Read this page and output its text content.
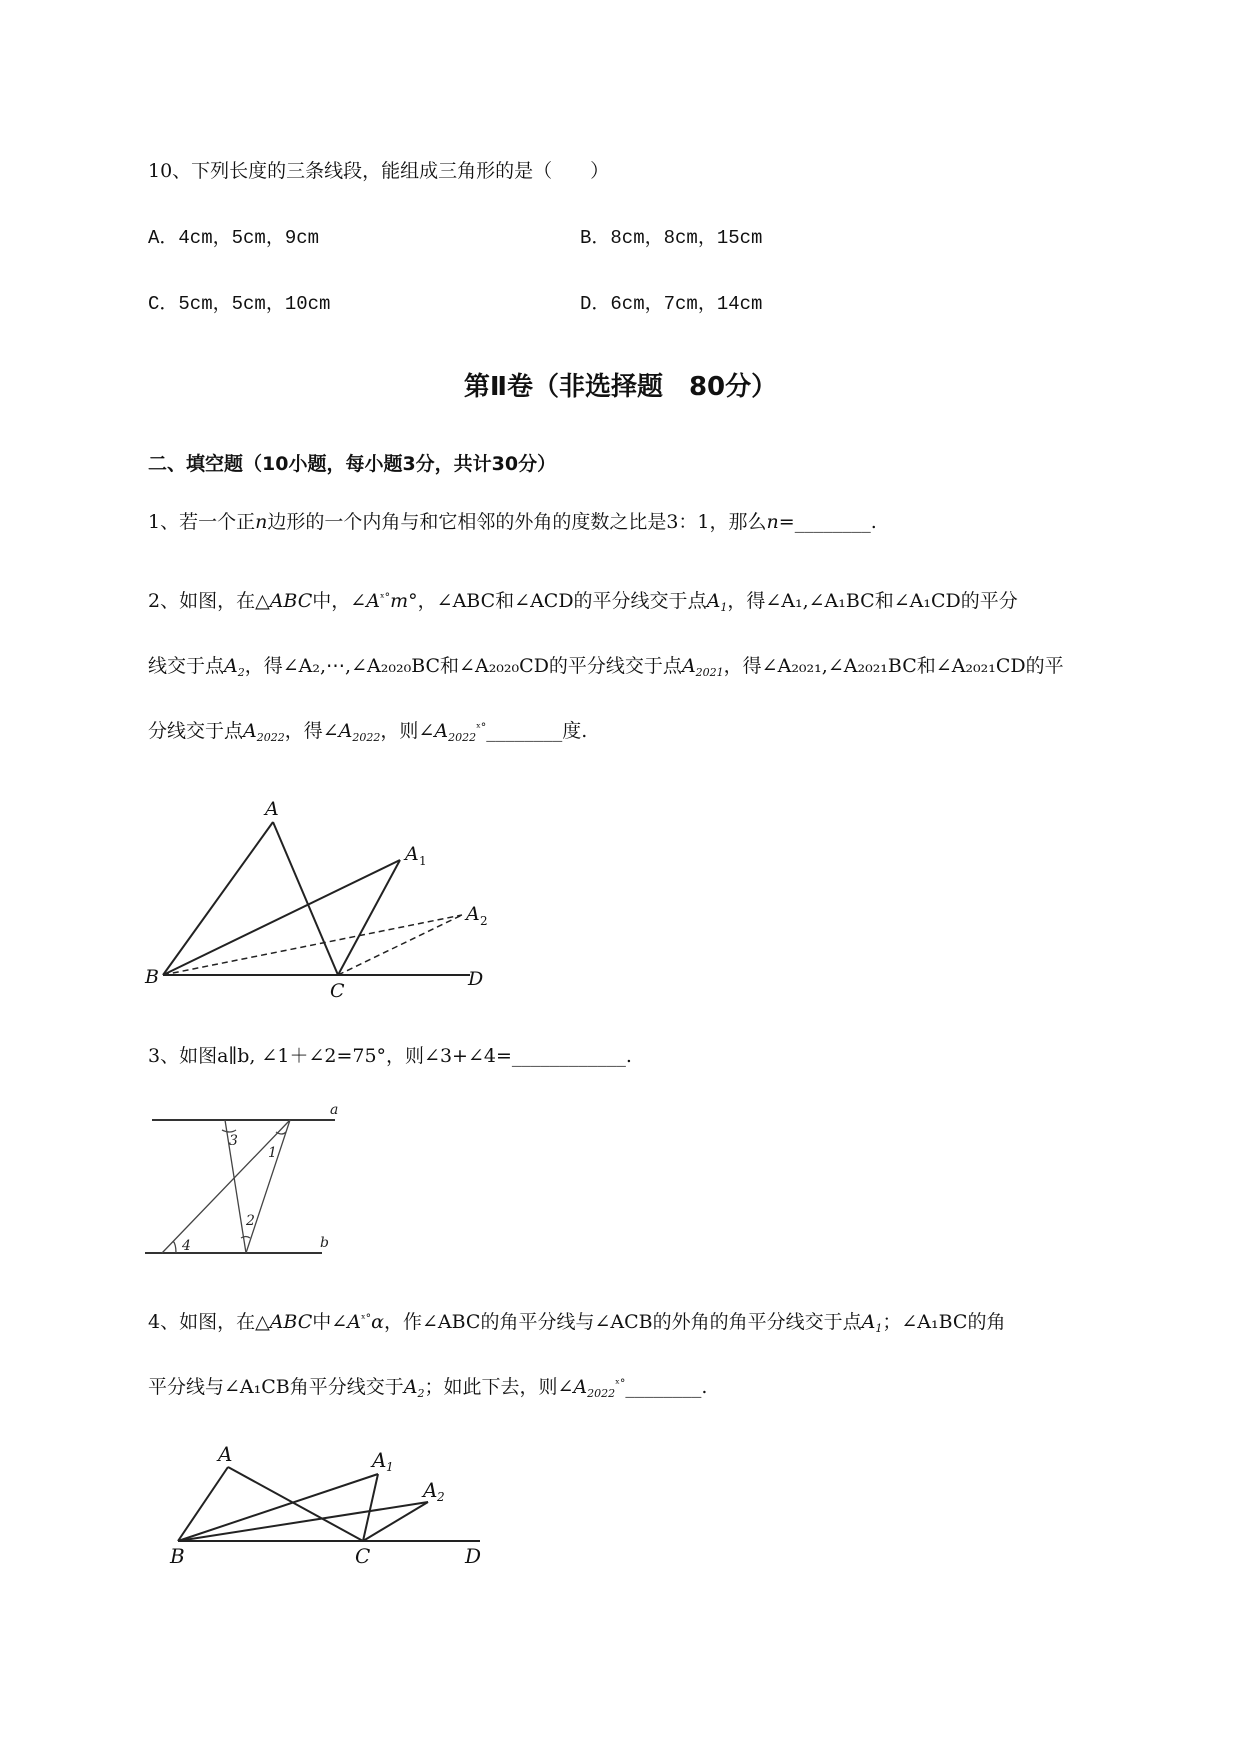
10、下列长度的三条线段，能组成三角形的是（　　）
A．4cm，5cm，9cm	B．8cm，8cm，15cm
C．5cm，5cm，10cm	D．6cm，7cm，14cm
第Ⅱ卷（非选择题　80分）
二、填空题（10小题，每小题3分，共计30分）
1、若一个正n边形的一个内角与和它相邻的外角的度数之比是3：1，那么n=________.
2、如图，在△ABC中，$\angle A^{ˣ^\circ}m^\circ$，∠ABC和∠ACD的平分线交于点$A_1$，得∠A₁,∠A₁BC和∠A₁CD的平分
线交于点$A_2$，得∠A₂,⋯,∠A₂₀₂₀BC和∠A₂₀₂₀CD的平分线交于点$A_{2021}$，得∠A₂₀₂₁,∠A₂₀₂₁BC和∠A₂₀₂₁CD的平
分线交于点$A_{2022}$，得$\angle A_{2022}$，则$\angle A_{2022}^{ˣ^\circ}\_\_\_\_\_\_\_\_$度.
A
A 1
A 2
B
C
D
3、如图a∥b, ∠1＋∠2=75°，则∠3+∠4=____________.
a
b
1
2
3
4
4、如图，在△ABC中$\angle A^{ˣ^\circ}\alpha$，作∠ABC的角平分线与∠ACB的外角的角平分线交于点$A_1$；∠A₁BC的角
平分线与∠A₁CB角平分线交于$A_2$；如此下去，则$\angle A_{2022}^{ˣ^\circ}\_\_\_\_\_\_\_\_$.
A	A 1
A 2
B	C	D
